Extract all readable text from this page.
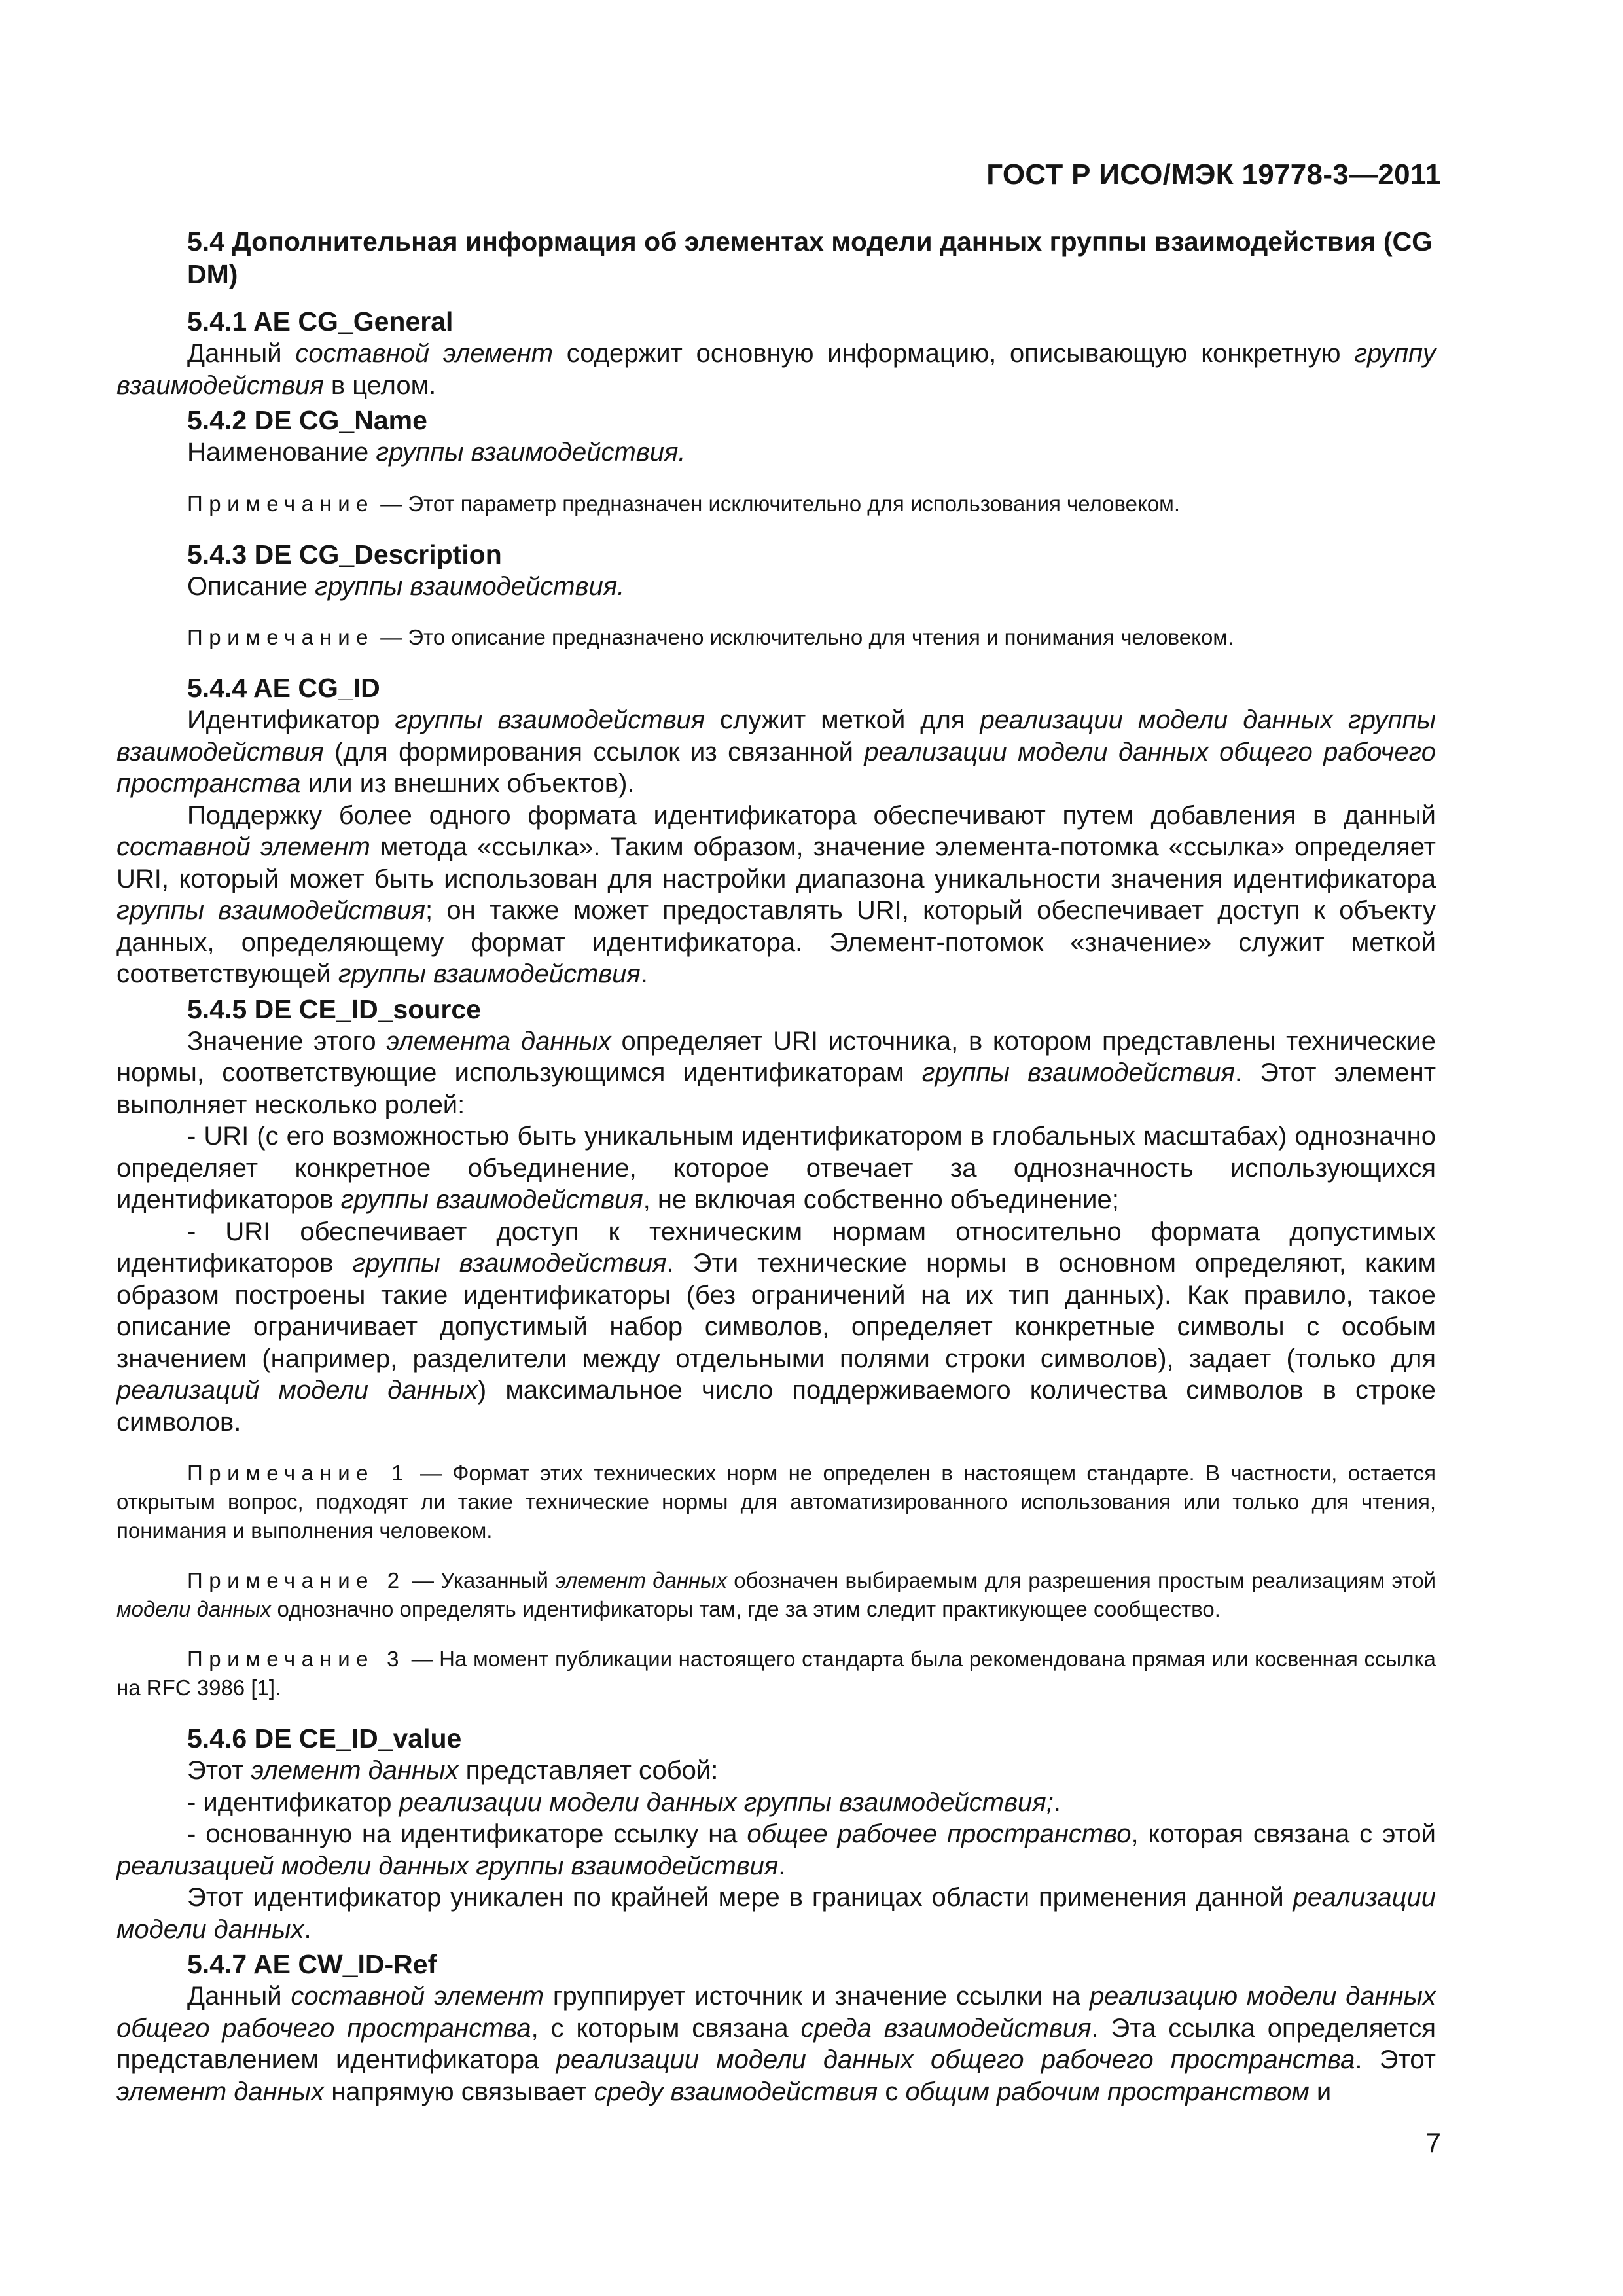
ГОСТ Р ИСО/МЭК 19778-3—2011

5.4 Дополнительная информация об элементах модели данных группы взаимодействия (CG DM)
5.4.1 AE CG_General

Данный составной элемент содержит основную информацию, описывающую конкретную группу взаимодействия в целом.

5.4.2 DE CG_Name

Наименование группы взаимодействия.

Примечание — Этот параметр предназначен исключительно для использования человеком.

5.4.3 DE CG_Description

Описание группы взаимодействия.

Примечание — Это описание предназначено исключительно для чтения и понимания человеком.

5.4.4 AE CG_ID

Идентификатор группы взаимодействия служит меткой для реализации модели данных группы взаимодействия (для формирования ссылок из связанной реализации модели данных общего рабочего пространства или из внешних объектов).

Поддержку более одного формата идентификатора обеспечивают путем добавления в данный составной элемент метода «ссылка». Таким образом, значение элемента-потомка «ссылка» определяет URI, который может быть использован для настройки диапазона уникальности значения идентификатора группы взаимодействия; он также может предоставлять URI, который обеспечивает доступ к объекту данных, определяющему формат идентификатора. Элемент-потомок «значение» служит меткой соответствующей группы взаимодействия.

5.4.5 DE CE_ID_source

Значение этого элемента данных определяет URI источника, в котором представлены технические нормы, соответствующие использующимся идентификаторам группы взаимодействия. Этот элемент выполняет несколько ролей:

- URI (с его возможностью быть уникальным идентификатором в глобальных масштабах) однозначно определяет конкретное объединение, которое отвечает за однозначность использующихся идентификаторов группы взаимодействия, не включая собственно объединение;

- URI обеспечивает доступ к техническим нормам относительно формата допустимых идентификаторов группы взаимодействия. Эти технические нормы в основном определяют, каким образом построены такие идентификаторы (без ограничений на их тип данных). Как правило, такое описание ограничивает допустимый набор символов, определяет конкретные символы с особым значением (например, разделители между отдельными полями строки символов), задает (только для реализаций модели данных) максимальное число поддерживаемого количества символов в строке символов.

Примечание 1 — Формат этих технических норм не определен в настоящем стандарте. В частности, остается открытым вопрос, подходят ли такие технические нормы для автоматизированного использования или только для чтения, понимания и выполнения человеком.

Примечание 2 — Указанный элемент данных обозначен выбираемым для разрешения простым реализациям этой модели данных однозначно определять идентификаторы там, где за этим следит практикующее сообщество.

Примечание 3 — На момент публикации настоящего стандарта была рекомендована прямая или косвенная ссылка на RFC 3986 [1].

5.4.6 DE CE_ID_value

Этот элемент данных представляет собой:

- идентификатор реализации модели данных группы взаимодействия;.

- основанную на идентификаторе ссылку на общее рабочее пространство, которая связана с этой реализацией модели данных группы взаимодействия.

Этот идентификатор уникален по крайней мере в границах области применения данной реализации модели данных.

5.4.7 AE CW_ID-Ref

Данный составной элемент группирует источник и значение ссылки на реализацию модели данных общего рабочего пространства, с которым связана среда взаимодействия. Эта ссылка определяется представлением идентификатора реализации модели данных общего рабочего пространства. Этот элемент данных напрямую связывает среду взаимодействия с общим рабочим пространством и

7
